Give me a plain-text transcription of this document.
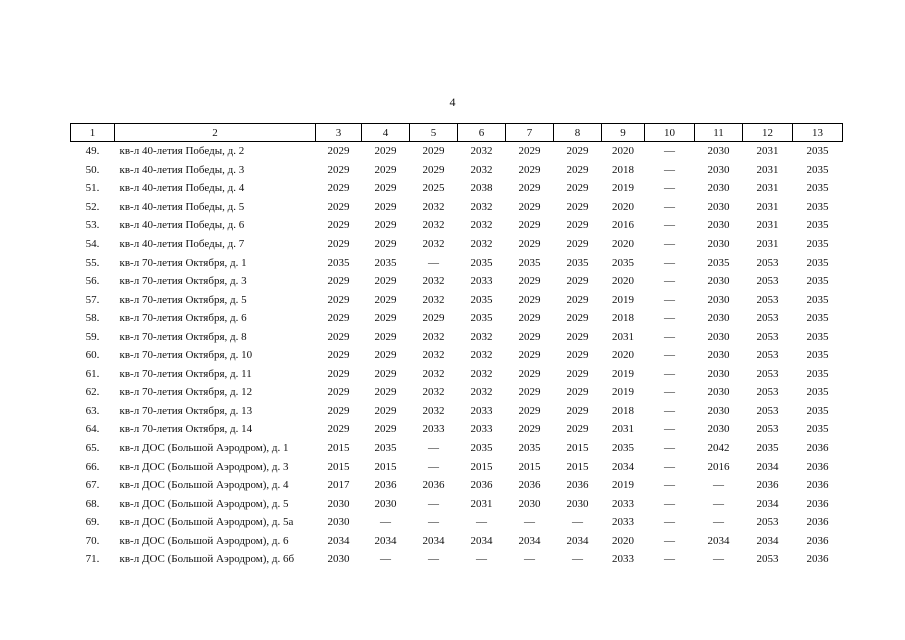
4
1	2	3	4	5	6	7	8	9	10	11	12	13
49.	кв-л 40-летия Победы, д. 2	2029	2029	2029	2032	2029	2029	2020	—	2030	2031	2035
50.	кв-л 40-летия Победы, д. 3	2029	2029	2029	2032	2029	2029	2018	—	2030	2031	2035
51.	кв-л 40-летия Победы, д. 4	2029	2029	2025	2038	2029	2029	2019	—	2030	2031	2035
52.	кв-л 40-летия Победы, д. 5	2029	2029	2032	2032	2029	2029	2020	—	2030	2031	2035
53.	кв-л 40-летия Победы, д. 6	2029	2029	2032	2032	2029	2029	2016	—	2030	2031	2035
54.	кв-л 40-летия Победы, д. 7	2029	2029	2032	2032	2029	2029	2020	—	2030	2031	2035
55.	кв-л 70-летия Октября, д. 1	2035	2035	—	2035	2035	2035	2035	—	2035	2053	2035
56.	кв-л 70-летия Октября, д. 3	2029	2029	2032	2033	2029	2029	2020	—	2030	2053	2035
57.	кв-л 70-летия Октября, д. 5	2029	2029	2032	2035	2029	2029	2019	—	2030	2053	2035
58.	кв-л 70-летия Октября, д. 6	2029	2029	2029	2035	2029	2029	2018	—	2030	2053	2035
59.	кв-л 70-летия Октября, д. 8	2029	2029	2032	2032	2029	2029	2031	—	2030	2053	2035
60.	кв-л 70-летия Октября, д. 10	2029	2029	2032	2032	2029	2029	2020	—	2030	2053	2035
61.	кв-л 70-летия Октября, д. 11	2029	2029	2032	2032	2029	2029	2019	—	2030	2053	2035
62.	кв-л 70-летия Октября, д. 12	2029	2029	2032	2032	2029	2029	2019	—	2030	2053	2035
63.	кв-л 70-летия Октября, д. 13	2029	2029	2032	2033	2029	2029	2018	—	2030	2053	2035
64.	кв-л 70-летия Октября, д. 14	2029	2029	2033	2033	2029	2029	2031	—	2030	2053	2035
65.	кв-л ДОС (Большой Аэродром), д. 1	2015	2035	—	2035	2035	2015	2035	—	2042	2035	2036
66.	кв-л ДОС (Большой Аэродром), д. 3	2015	2015	—	2015	2015	2015	2034	—	2016	2034	2036
67.	кв-л ДОС (Большой Аэродром), д. 4	2017	2036	2036	2036	2036	2036	2019	—	—	2036	2036
68.	кв-л ДОС (Большой Аэродром), д. 5	2030	2030	—	2031	2030	2030	2033	—	—	2034	2036
69.	кв-л ДОС (Большой Аэродром), д. 5а	2030	—	—	—	—	—	2033	—	—	2053	2036
70.	кв-л ДОС (Большой Аэродром), д. 6	2034	2034	2034	2034	2034	2034	2020	—	2034	2034	2036
71.	кв-л ДОС (Большой Аэродром), д. 6б	2030	—	—	—	—	—	2033	—	—	2053	2036
